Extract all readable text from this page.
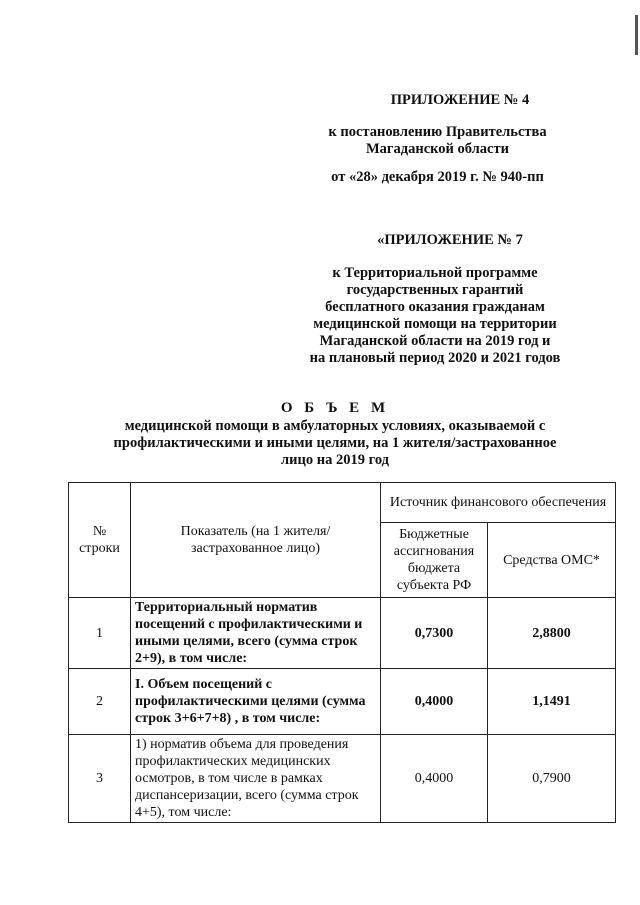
ПРИЛОЖЕНИЕ № 4
к постановлению Правительства
Магаданской области
от «28» декабря 2019 г. № 940-пп
«ПРИЛОЖЕНИЕ № 7
к Территориальной программе
государственных гарантий
бесплатного оказания гражданам
медицинской помощи на территории
Магаданской области на 2019 год и
на плановый период 2020 и 2021 годов
О Б Ъ Е М
медицинской помощи в амбулаторных условиях, оказываемой с
профилактическими и иными целями, на 1 жителя/застрахованное
лицо на 2019 год
№ строки	Показатель (на 1 жителя/застрахованное лицо)	Источник финансового обеспечения	
		Бюджетные ассигнования бюджета субъекта РФ	Средства ОМС*
1	Территориальный норматив посещений с профилактическими и иными целями, всего (сумма строк 2+9), в том числе:	0,7300	2,8800
2	I. Объем посещений с профилактическими целями (сумма строк 3+6+7+8) , в том числе:	0,4000	1,1491
3	1) норматив объема для проведения профилактических медицинских осмотров, в том числе в рамках диспансеризации, всего (сумма строк 4+5), том числе:	0,4000	0,7900
